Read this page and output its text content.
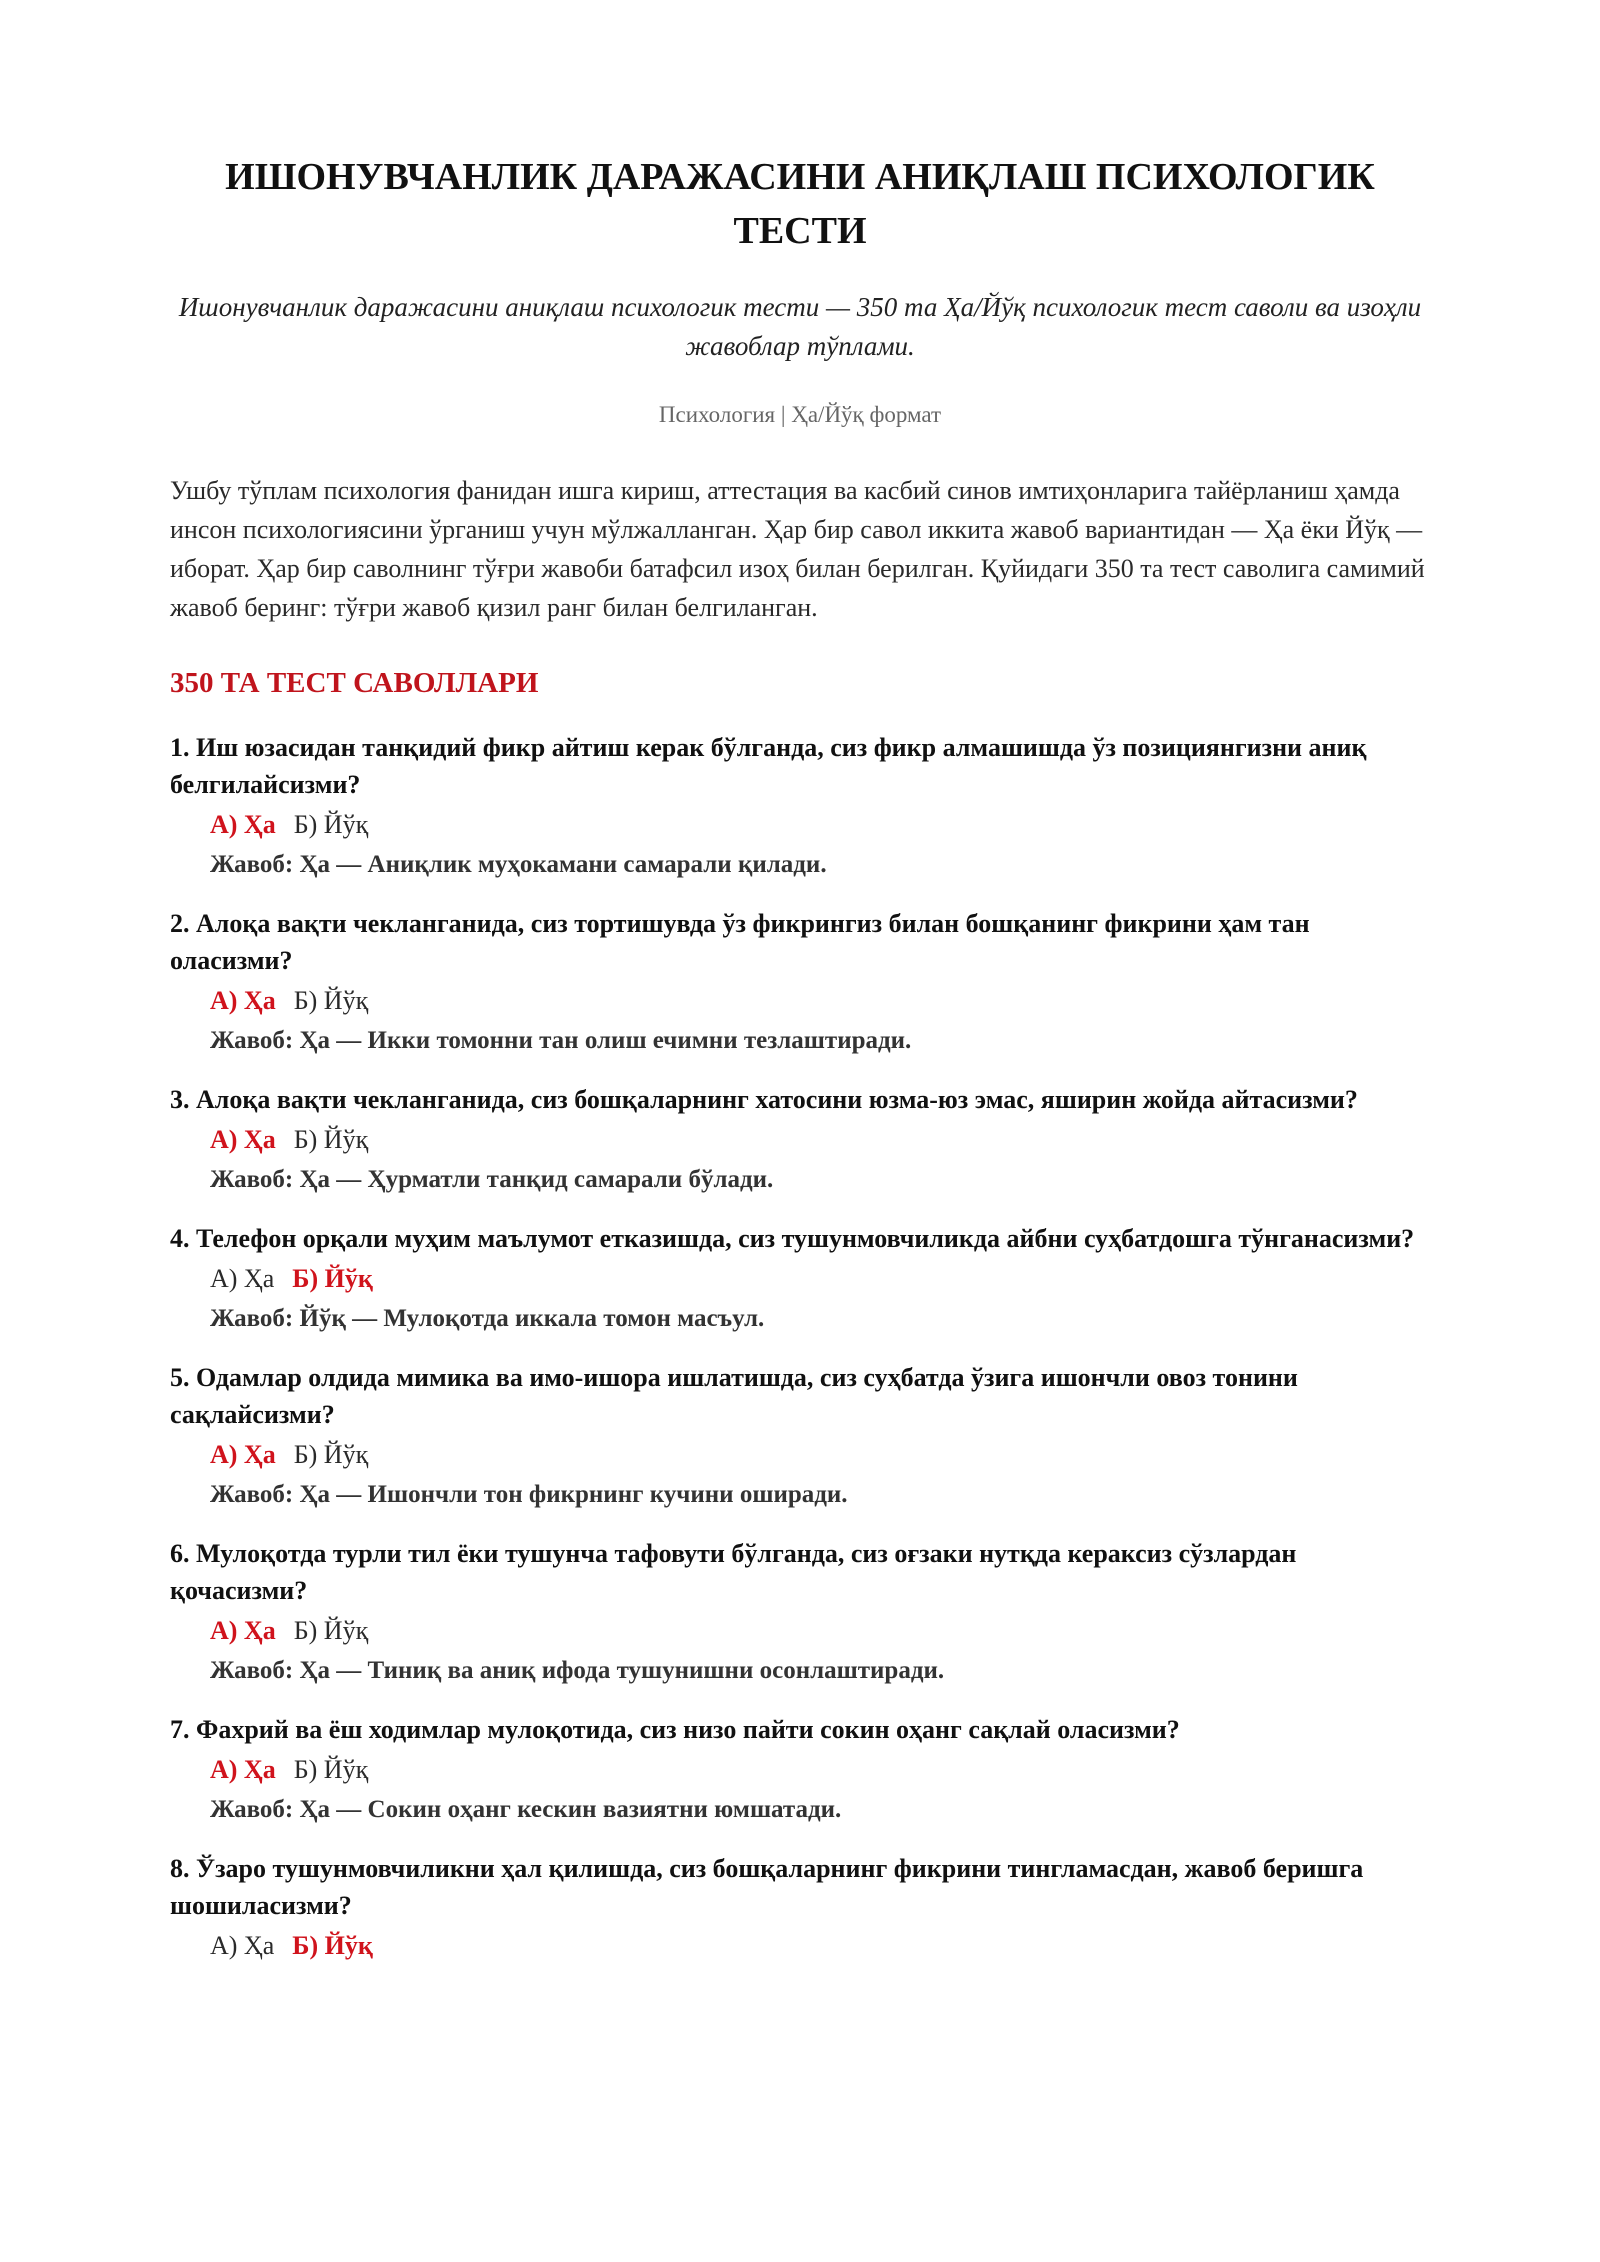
ИШОНУВЧАНЛИК ДАРАЖАСИНИ АНИҚЛАШ ПСИХОЛОГИК ТЕСТИ

Ишонувчанлик даражасини аниқлаш психологик тести — 350 та Ҳа/Йўқ психологик тест саволи ва изоҳли жавоблар тўплами.

Психология | Ҳа/Йўқ формат

Ушбу тўплам психология фанидан ишга кириш, аттестация ва касбий синов имтиҳонларига тайёрланиш ҳамда инсон психологиясини ўрганиш учун мўлжалланган. Ҳар бир савол иккита жавоб вариантидан — Ҳа ёки Йўқ — иборат. Ҳар бир саволнинг тўғри жавоби батафсил изоҳ билан берилган. Қуйидаги 350 та тест саволига самимий жавоб беринг: тўғри жавоб қизил ранг билан белгиланган.

350 ТА ТЕСТ САВОЛЛАРИ
1. Иш юзасидан танқидий фикр айтиш керак бўлганда, сиз фикр алмашишда ўз позициянгизни аниқ белгилайсизми?
А) Ҳа Б) Йўқ
Жавоб: Ҳа — Аниқлик муҳокамани самарали қилади.
2. Алоқа вақти чекланганида, сиз тортишувда ўз фикрингиз билан бошқанинг фикрини ҳам тан оласизми?
А) Ҳа Б) Йўқ
Жавоб: Ҳа — Икки томонни тан олиш ечимни тезлаштиради.
3. Алоқа вақти чекланганида, сиз бошқаларнинг хатосини юзма-юз эмас, яширин жойда айтасизми?
А) Ҳа Б) Йўқ
Жавоб: Ҳа — Ҳурматли танқид самарали бўлади.
4. Телефон орқали муҳим маълумот етказишда, сиз тушунмовчиликда айбни суҳбатдошга тўнганасизми?
А) Ҳа Б) Йўқ
Жавоб: Йўқ — Мулоқотда иккала томон масъул.
5. Одамлар олдида мимика ва имо-ишора ишлатишда, сиз суҳбатда ўзига ишончли овоз тонини сақлайсизми?
А) Ҳа Б) Йўқ
Жавоб: Ҳа — Ишончли тон фикрнинг кучини оширади.
6. Мулоқотда турли тил ёки тушунча тафовути бўлганда, сиз оғзаки нутқда кераксиз сўзлардан қочасизми?
А) Ҳа Б) Йўқ
Жавоб: Ҳа — Тиниқ ва аниқ ифода тушунишни осонлаштиради.
7. Фахрий ва ёш ходимлар мулоқотида, сиз низо пайти сокин оҳанг сақлай оласизми?
А) Ҳа Б) Йўқ
Жавоб: Ҳа — Сокин оҳанг кескин вазиятни юмшатади.
8. Ўзаро тушунмовчиликни ҳал қилишда, сиз бошқаларнинг фикрини тингламасдан, жавоб беришга шошиласизми?
А) Ҳа Б) Йўқ
